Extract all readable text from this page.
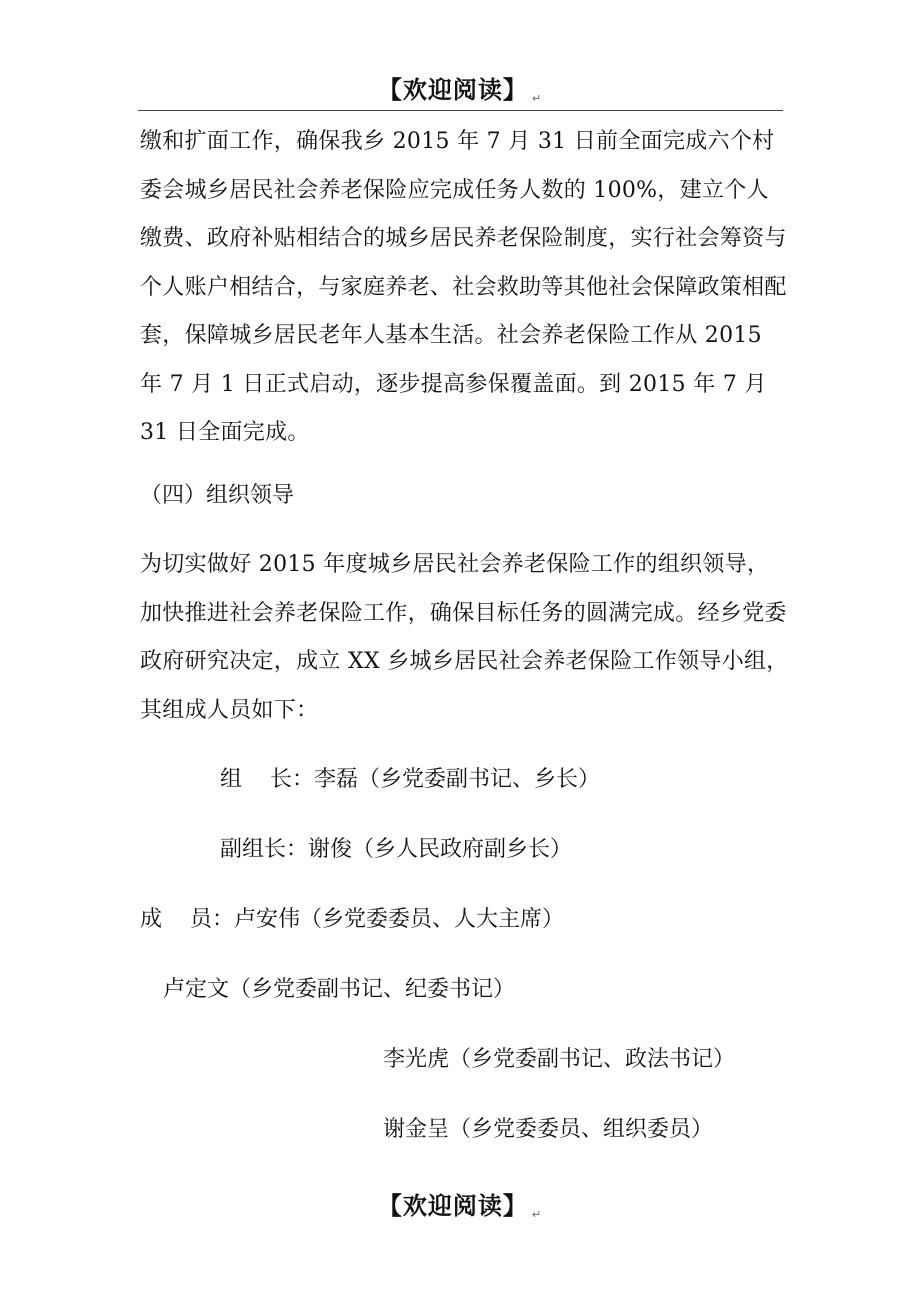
【欢迎阅读】 ↵

缴和扩面工作，确保我乡 2015 年 7 月 31 日前全面完成六个村委会城乡居民社会养老保险应完成任务人数的 100%，建立个人缴费、政府补贴相结合的城乡居民养老保险制度，实行社会筹资与个人账户相结合，与家庭养老、社会救助等其他社会保障政策相配套，保障城乡居民老年人基本生活。社会养老保险工作从 2015 年 7 月 1 日正式启动，逐步提高参保覆盖面。到 2015 年 7 月 31 日全面完成。

（四）组织领导

为切实做好 2015 年度城乡居民社会养老保险工作的组织领导，加快推进社会养老保险工作，确保目标任务的圆满完成。经乡党委政府研究决定，成立 XX 乡城乡居民社会养老保险工作领导小组，其组成人员如下：

组    长：李磊（乡党委副书记、乡长）

副组长：谢俊（乡人民政府副乡长）

成    员：卢安伟（乡党委委员、人大主席）

卢定文（乡党委副书记、纪委书记）

李光虎（乡党委副书记、政法书记）

谢金呈（乡党委委员、组织委员）

【欢迎阅读】 ↵
